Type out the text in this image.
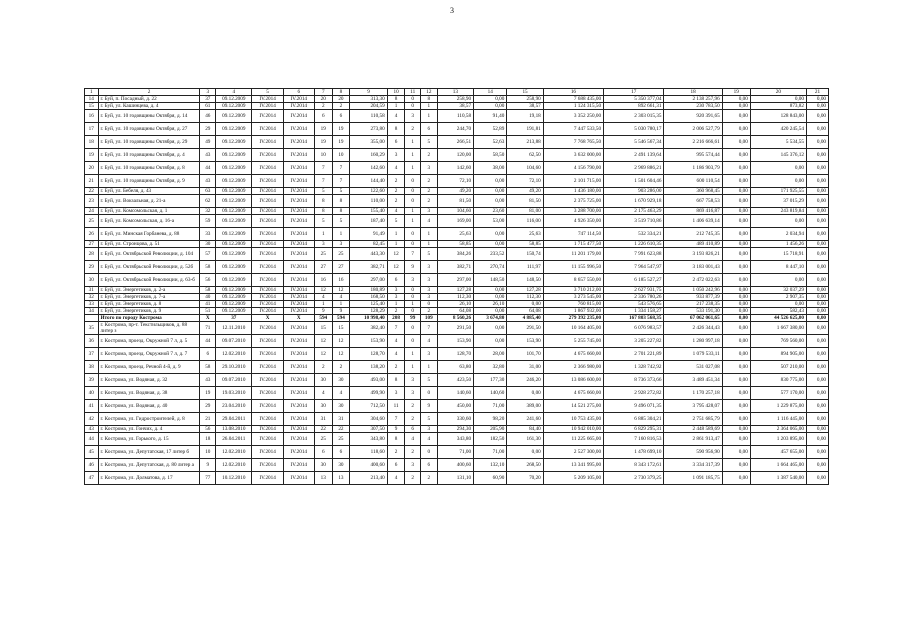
3
1	2	3	4	5	6	7	8	9	10	11	12	13	14	15	16	17	18	19	20	21
14	г. Буй, п. Посадный, д. 22	37	09.12.2009	IV.2014	IV.2014	20	20	313,30	8	0	8	258,90	0,00	258,90	7 688 435,00	5 350 377,04	2 138 257,96	0,00	0,00	0,00
15	г. Буй, ул. Кашинцева, д. 4	61	09.12.2009	IV.2014	IV.2014	2	2	204,59	1	0	1	38,57	0,00	38,57	1 124 315,50	892 661,31	230 783,50	0,00	873,82	0,00
16	г. Буй, ул. 10 годовщины Октября, д. 14	46	09.12.2009	IV.2014	IV.2014	6	6	110,58	4	3	1	110,58	91,40	19,18	3 352 250,00	2 303 015,35	920 391,65	0,00	128 843,00	0,00
17	г. Буй, ул. 10 годовщины Октября, д. 27	29	09.12.2009	IV.2014	IV.2014	19	19	273,80	8	2	6	244,70	52,89	191,81	7 447 533,50	5 030 780,17	2 006 527,79	0,00	420 245,54	0,00
18	г. Буй, ул. 10 годовщины Октября, д. 29	49	09.12.2009	IV.2014	IV.2014	19	19	355,00	6	1	5	266,51	52,63	213,88	7 768 765,50	5 546 567,34	2 216 666,61	0,00	5 534,55	0,00
19	г. Буй, ул. 10 годовщины Октября, д. 4	43	09.12.2009	IV.2014	IV.2014	10	10	160,29	3	1	2	120,00	58,50	62,50	3 632 000,00	2 491 139,64	995 574,44	0,00	145 376,12	0,00
20	г. Буй, ул. 10 годовщины Октября, д. 8	44	09.12.2009	IV.2014	IV.2014	7	7	142,60	4	1	3	142,60	38,00	104,60	4 156 790,00	2 969 886,21	1 186 903,79	0,00	0,00	0,00
21	г. Буй, ул. 10 годовщины Октября, д. 9	43	09.12.2009	IV.2014	IV.2014	7	7	144,40	2	0	2	72,10	0,00	72,10	2 101 715,00	1 501 604,46	600 110,54	0,00	0,00	0,00
22	г. Буй, ул. Бебеля, д. 43	63	09.12.2009	IV.2014	IV.2014	5	5	122,60	2	0	2	49,20	0,00	49,20	1 436 180,00	903 286,00	360 968,45	0,00	171 925,55	0,00
23	г. Буй, ул. Вокзальная, д. 21-а	62	09.12.2009	IV.2014	IV.2014	8	8	110,00	2	0	2	81,50	0,00	81,50	2 375 725,00	1 670 929,18	667 758,53	0,00	37 015,29	0,00
24	г. Буй, ул. Комсомольская, д. 1	32	09.12.2009	IV.2014	IV.2014	8	8	155,40	4	1	3	104,60	23,60	81,00	3 288 700,00	2 175 463,29	869 416,87	0,00	243 819,84	0,00
25	г. Буй, ул. Комсомольская, д. 16-а	59	09.12.2009	IV.2014	IV.2014	5	5	187,40	5	1	4	169,00	53,00	116,00	4 926 350,00	3 519 710,86	1 406 639,14	0,00	0,00	0,00
26	г. Буй, ул. Минская Горбанева, д. 88	33	09.12.2009	IV.2014	IV.2014	1	1	91,49	1	0	1	25,63	0,00	25,63	747 114,50	532 334,21	212 745,35	0,00	2 034,94	0,00
27	г. Буй, ул. Стронцова, д. 51	30	09.12.2009	IV.2014	IV.2014	3	3	82,45	1	0	1	58,85	0,00	58,85	1 715 477,50	1 226 610,35	489 410,89	0,00	1 456,26	0,00
28	г. Буй, ул. Октябрьской Революции, д. 104	57	09.12.2009	IV.2014	IV.2014	25	25	443,30	12	7	5	384,26	233,52	150,74	11 201 179,00	7 991 623,88	3 193 826,21	0,00	15 718,91	0,00
29	г. Буй, ул. Октябрьской Революции, д. 52б	58	09.12.2009	IV.2014	IV.2014	27	27	382,71	12	9	3	382,71	270,74	111,97	11 155 996,50	7 964 547,97	3 183 001,43	0,00	8 447,10	0,00
30	г. Буй, ул. Октябрьской Революции, д. 63-б	56	09.12.2009	IV.2014	IV.2014	16	16	297,00	6	3	3	297,00	148,50	148,50	8 657 550,00	6 185 527,27	2 472 022,63	0,00	0,00	0,00
31	г. Буй, ул. Энергетиков, д. 2-а	58	09.12.2009	IV.2014	IV.2014	12	12	180,89	3	0	3	127,28	0,00	127,28	3 710 212,00	2 627 931,75	1 050 242,96	0,00	32 037,29	0,00
32	г. Буй, ул. Энергетиков, д. 7-а	40	09.12.2009	IV.2014	IV.2014	4	4	168,50	3	0	3	112,30	0,00	112,30	3 273 545,00	2 336 780,26	933 877,39	0,00	2 907,35	0,00
33	г. Буй, ул. Энергетиков, д. 8	41	09.12.2009	IV.2014	IV.2014	1	1	125,40	1	1	0	26,10	26,10	0,00	760 815,00	543 576,65	217 238,35	0,00	0,00	0,00
34	г. Буй, ул. Энергетиков, д. 9	51	09.12.2009	IV.2014	IV.2014	9	9	128,29	2	0	2	64,08	0,00	64,08	1 867 932,00	1 334 158,27	533 191,30	0,00	582,43	0,00
	Итого по городу Кострома	X	37	X	X	594	594	10 998,40	208	99	109	8 560,26	3 674,80	4 885,40	279 392 235,00	167 803 568,35	67 062 061,65	0,00	44 526 625,00	0,00
35	г. Кострома, пр-т. Текстильщиков, д. 88 литер з	71	12.11.2010	IV.2014	IV.2014	15	15	382,40	7	0	7	291,50	0,00	291,50	10 164 405,00	6 076 983,57	2 426 344,43	0,00	1 667 380,00	0,00
36	г. Кострома, проезд. Окружной 7 л, д. 5	44	09.07.2010	IV.2014	IV.2014	12	12	153,90	4	0	4	153,90	0,00	153,90	5 255 745,00	3 205 227,82	1 280 997,18	0,00	769 560,00	0,00
37	г. Кострома, проезд. Окружной 7 л, д. 7	6	12.02.2010	IV.2014	IV.2014	12	12	128,70	4	1	3	128,70	28,00	101,70	4 675 660,00	2 701 221,89	1 079 533,11	0,00	894 905,00	0,00
38	г. Кострома, проезд. Речной 4-й, д. 9	58	29.10.2010	IV.2014	IV.2014	2	2	138,20	2	1	1	63,80	32,80	31,00	2 366 980,00	1 328 742,92	531 027,08	0,00	507 210,00	0,00
39	г. Кострома, ул. Водяная, д. 32	43	09.07.2010	IV.2014	IV.2014	30	30	493,00	8	3	5	423,50	177,30	246,20	13 086 600,00	8 736 373,66	3 489 451,34	0,00	830 775,00	0,00
40	г. Кострома, ул. Водяная, д. 38	19	19.03.2010	IV.2014	IV.2014	4	4	499,90	3	3	0	140,60	140,60	0,00	4 675 660,00	2 928 272,82	1 170 257,18	0,00	577 170,00	0,00
41	г. Кострома, ул. Водяная, д. 40	29	23.04.2010	IV.2014	IV.2014	30	30	712,50	11	2	9	450,00	71,00	389,00	14 521 275,00	9 496 071,35	3 795 428,07	0,00	1 229 875,00	0,00
42	г. Кострома, ул. Гидростроителей, д. 8	21	29.04.2011	IV.2014	IV.2014	31	31	304,60	7	2	5	330,60	98,20	241,60	10 753 435,00	6 885 304,21	2 751 685,79	0,00	1 116 445,00	0,00
43	г. Кострома, ул. Гончих, д. 4	56	13.08.2010	IV.2014	IV.2014	22	22	307,50	9	6	3	294,30	205,90	84,40	10 942 010,00	6 829 295,31	2 448 589,69	0,00	2 364 065,00	0,00
44	г. Кострома, ул. Горького, д. 15	18	26.04.2011	IV.2014	IV.2014	25	25	343,80	8	4	4	343,80	182,50	161,30	11 225 665,00	7 160 816,53	2 861 913,47	0,00	1 203 895,00	0,00
45	г. Кострома, ул. Депутатская, 17 литер б	10	12.02.2010	IV.2014	IV.2014	6	6	118,60	2	2	0	71,00	71,00	0,00	2 527 300,00	1 478 699,10	590 956,90	0,00	457 655,00	0,00
46	г. Кострома, ул. Депутатская, д. 80 литер а	9	12.02.2010	IV.2014	IV.2014	30	30	400,60	6	3	6	400,60	132,10	268,50	13 341 995,00	8 343 172,61	3 334 317,39	0,00	1 664 465,00	0,00
47	г. Кострома, ул. Долматова, д. 17	77	10.12.2010	IV.2014	IV.2014	13	13	213,40	4	2	2	131,10	60,90	70,20	5 209 105,00	2 730 379,25	1 091 185,75	0,00	1 387 540,00	0,00
